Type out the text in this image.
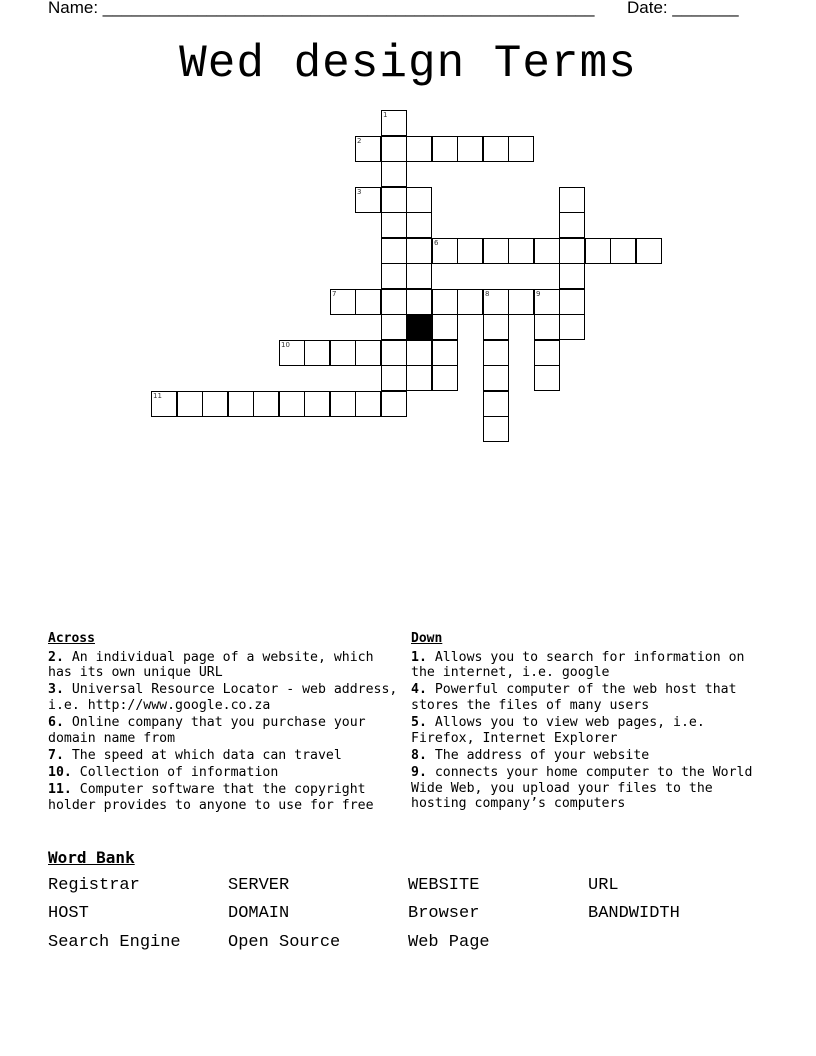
Name: ____________________________________________________ Date: _______
Wed design Terms
1
2
3
6
7	8	9
10
11
Across
2. An individual page of a website, which has its own unique URL
3. Universal Resource Locator - web address, i.e. http://www.google.co.za
6. Online company that you purchase your domain name from
7. The speed at which data can travel
10. Collection of information
11. Computer software that the copyright holder provides to anyone to use for free
Down
1. Allows you to search for information on the internet, i.e. google
4. Powerful computer of the web host that stores the files of many users
5. Allows you to view web pages, i.e. Firefox, Internet Explorer
8. The address of your website
9. connects your home computer to the World Wide Web, you upload your files to the hosting company’s computers
Word Bank
Registrar	SERVER	WEBSITE	URL
HOST	DOMAIN	Browser	BANDWIDTH
Search Engine	Open Source	Web Page
